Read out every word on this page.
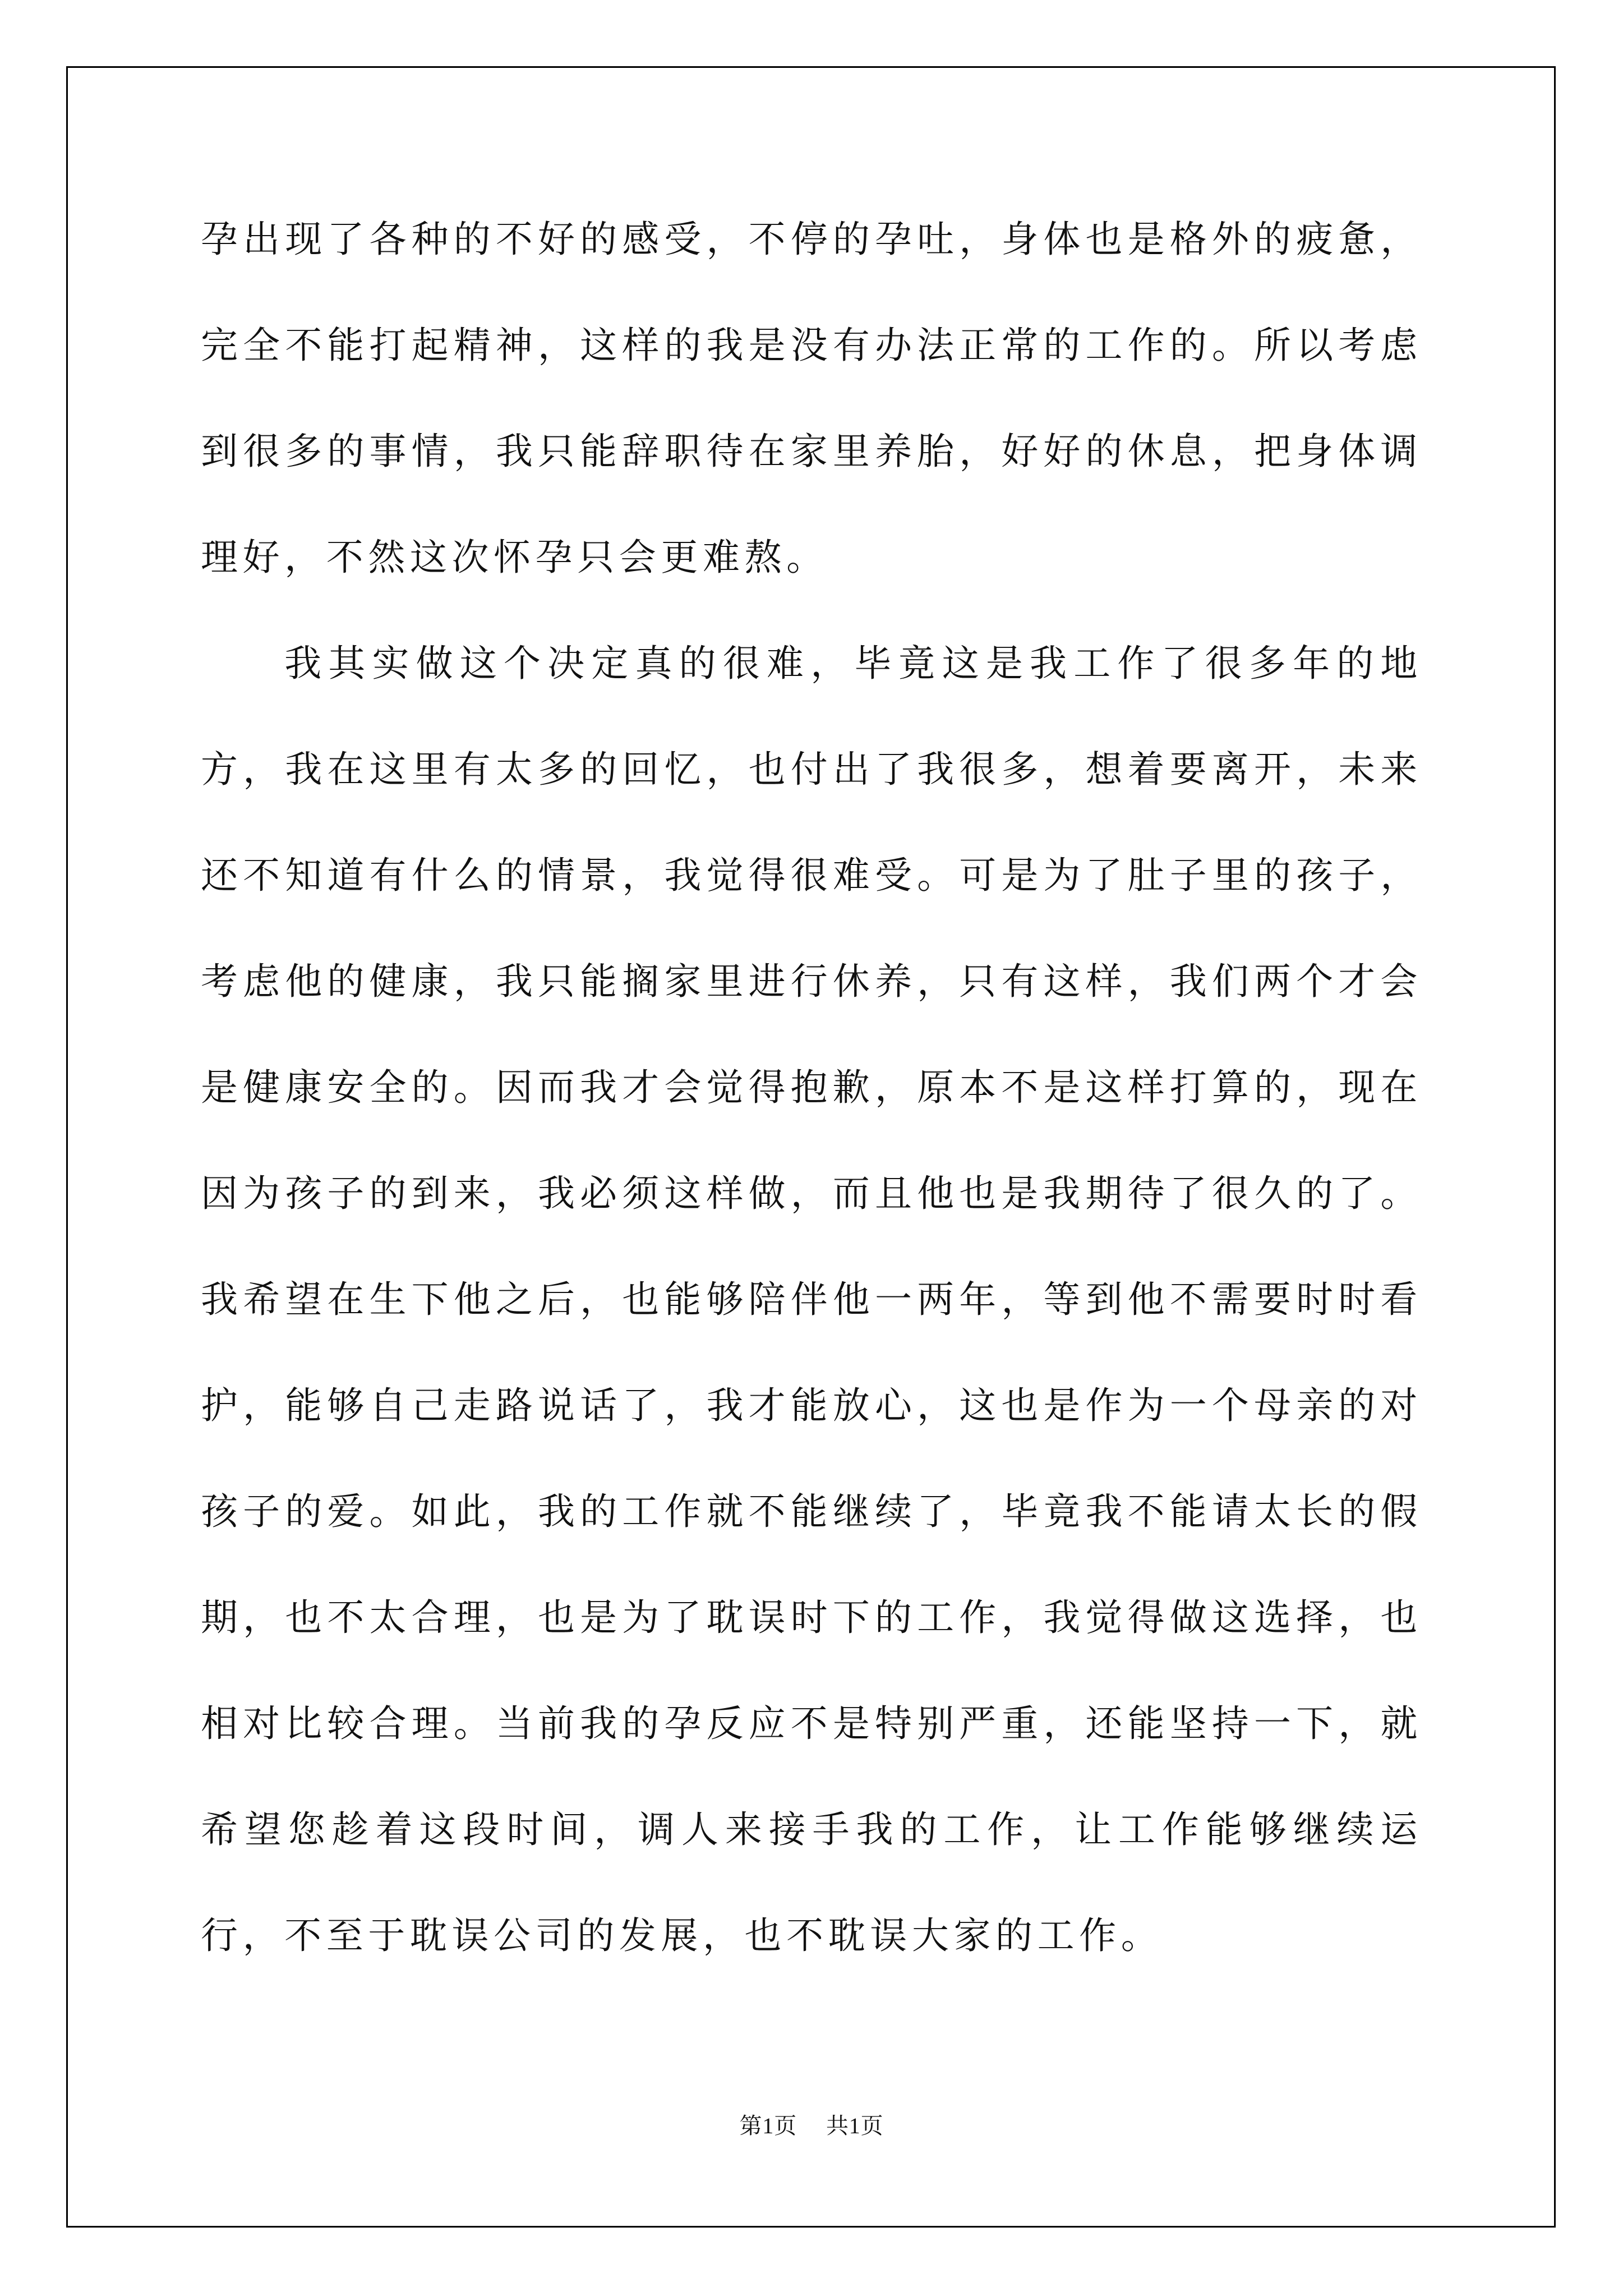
孕出现了各种的不好的感受，不停的孕吐，身体也是格外的疲惫，完全不能打起精神，这样的我是没有办法正常的工作的。所以考虑到很多的事情，我只能辞职待在家里养胎，好好的休息，把身体调理好，不然这次怀孕只会更难熬。

我其实做这个决定真的很难，毕竟这是我工作了很多年的地方，我在这里有太多的回忆，也付出了我很多，想着要离开，未来还不知道有什么的情景，我觉得很难受。可是为了肚子里的孩子，考虑他的健康，我只能搁家里进行休养，只有这样，我们两个才会是健康安全的。因而我才会觉得抱歉，原本不是这样打算的，现在因为孩子的到来，我必须这样做，而且他也是我期待了很久的了。我希望在生下他之后，也能够陪伴他一两年，等到他不需要时时看护，能够自己走路说话了，我才能放心，这也是作为一个母亲的对孩子的爱。如此，我的工作就不能继续了，毕竟我不能请太长的假期，也不太合理，也是为了耽误时下的工作，我觉得做这选择，也相对比较合理。当前我的孕反应不是特别严重，还能坚持一下，就希望您趁着这段时间，调人来接手我的工作，让工作能够继续运行，不至于耽误公司的发展，也不耽误大家的工作。

第1页 共1页
